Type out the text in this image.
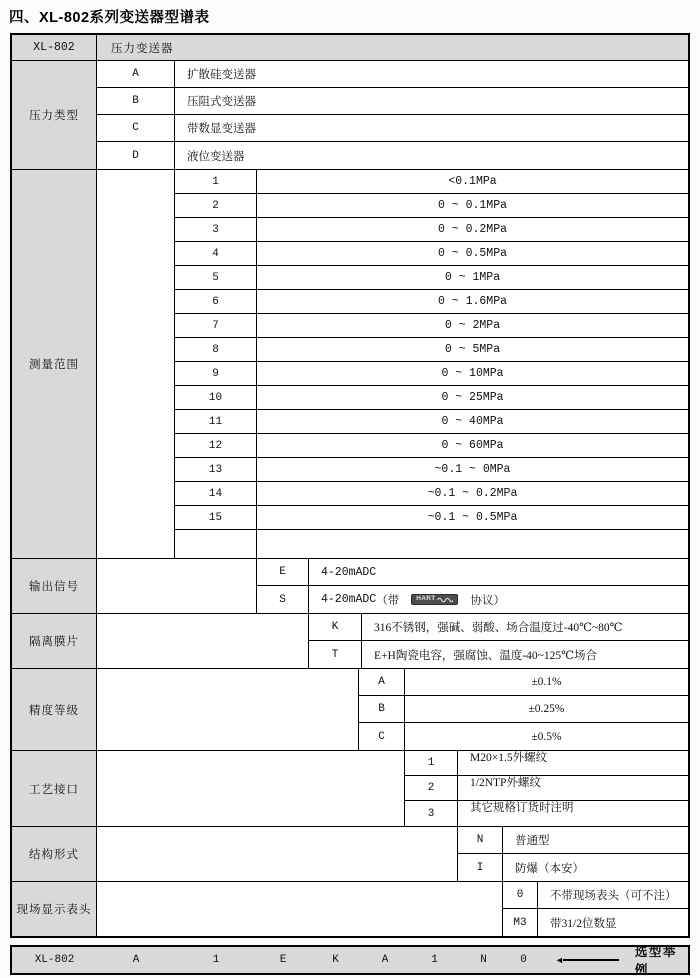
四、XL-802系列变送器型谱表
XL-802	压力变送器
压力类型
A	扩散硅变送器
B	压阻式变送器
C	带数显变送器
D	液位变送器
测量范围
1	<0.1MPa
2	0 ~ 0.1MPa
3	0 ~ 0.2MPa
4	0 ~ 0.5MPa
5	0 ~ 1MPa
6	0 ~ 1.6MPa
7	0 ~ 2MPa
8	0 ~ 5MPa
9	0 ~ 10MPa
10	0 ~ 25MPa
11	0 ~ 40MPa
12	0 ~ 60MPa
13	~0.1 ~ 0MPa
14	~0.1 ~ 0.2MPa
15	~0.1 ~ 0.5MPa
输出信号
E	4-20mADC
S	4-20mADC （带	HART	协议）
隔离膜片
K	316不锈钢，强碱、弱酸、场合温度过-40℃~80℃
T	E+H陶瓷电容，强腐蚀、温度-40~125℃场合
精度等级
A	±0.1%
B	±0.25%
C	±0.5%
工艺接口
1	M20×1.5外螺纹
2	1/2NTP外螺纹
3	其它规格订货时注明
结构形式
N	普通型
I	防爆（本安）
现场显示表头
0	不带现场表头（可不注）
M3	带31/2位数显
XL-802	A	1	E	K	A	1	N	0	◄
选型举例
